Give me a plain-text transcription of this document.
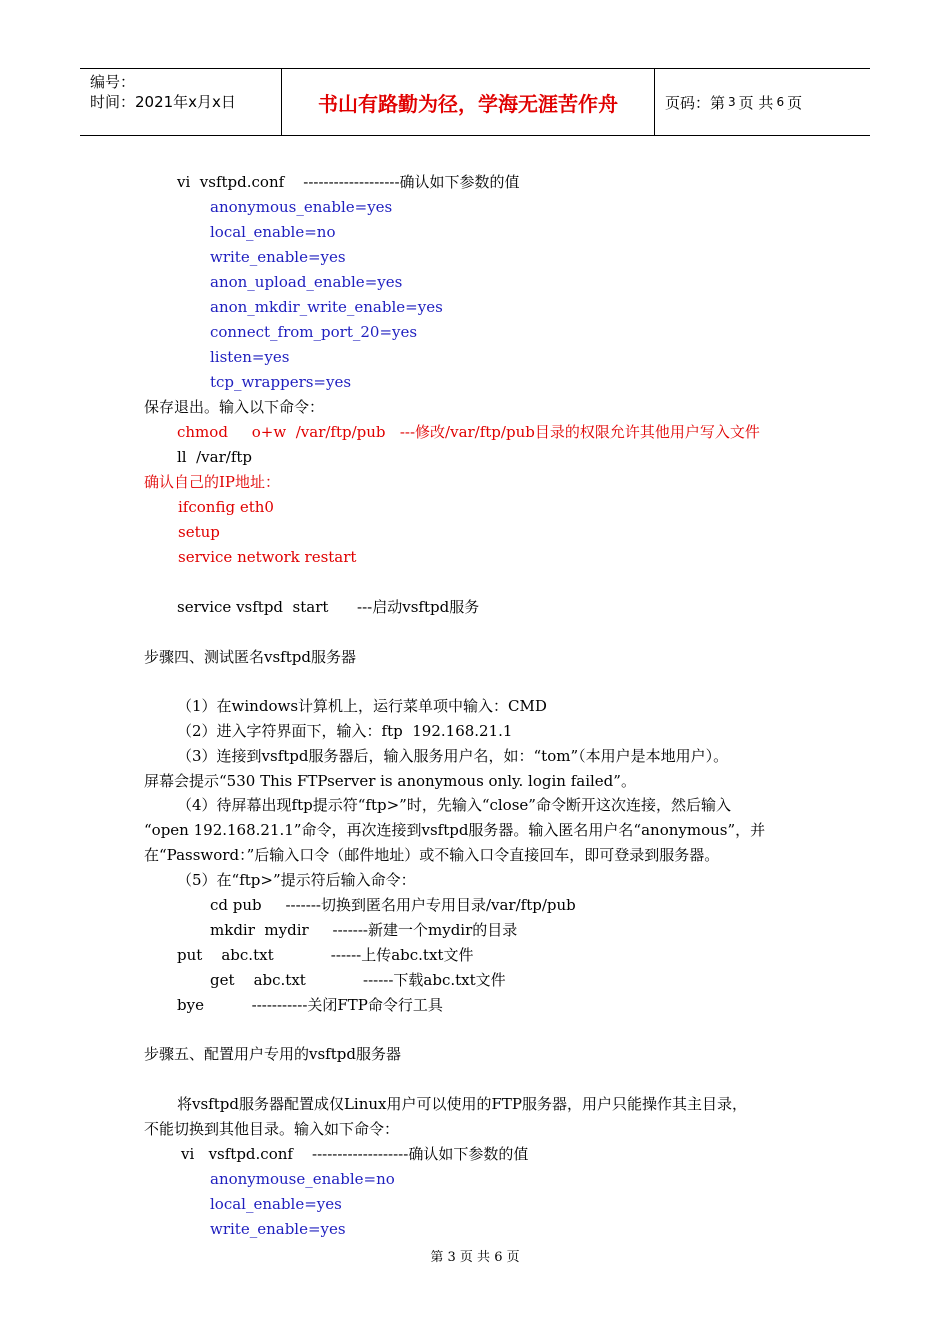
编号：
时间：2021年x月x日	书山有路勤为径，学海无涯苦作舟	页码：第 3 页 共 6 页
vi  vsftpd.conf    -------------------确认如下参数的值
anonymous_enable=yes
local_enable=no
write_enable=yes
anon_upload_enable=yes
anon_mkdir_write_enable=yes
connect_from_port_20=yes
listen=yes
tcp_wrappers=yes
保存退出。输入以下命令：
chmod     o+w  /var/ftp/pub   ---修改/var/ftp/pub目录的权限允许其他用户写入文件
ll  /var/ftp
确认自己的IP地址：
ifconfig eth0
setup
service network restart
service vsftpd  start      ---启动vsftpd服务
步骤四、测试匿名vsftpd服务器
（1）在windows计算机上，运行菜单项中输入：CMD
（2）进入字符界面下，输入：ftp  192.168.21.1
（3）连接到vsftpd服务器后，输入服务用户名，如：“tom”（本用户是本地用户）。
屏幕会提示“530 This FTPserver is anonymous only. login failed”。
（4）待屏幕出现ftp提示符“ftp>”时，先输入“close”命令断开这次连接，然后输入
“open 192.168.21.1”命令，再次连接到vsftpd服务器。输入匿名用户名“anonymous”，并
在“Password：”后输入口令（邮件地址）或不输入口令直接回车，即可登录到服务器。
（5）在“ftp>”提示符后输入命令：
cd pub     -------切换到匿名用户专用目录/var/ftp/pub
mkdir  mydir     -------新建一个mydir的目录
put    abc.txt            ------上传abc.txt文件
get    abc.txt            ------下载abc.txt文件
bye          -----------关闭FTP命令行工具
步骤五、配置用户专用的vsftpd服务器
将vsftpd服务器配置成仅Linux用户可以使用的FTP服务器，用户只能操作其主目录，
不能切换到其他目录。输入如下命令：
vi   vsftpd.conf    -------------------确认如下参数的值
anonymouse_enable=no
local_enable=yes
write_enable=yes
第 3 页 共 6 页
